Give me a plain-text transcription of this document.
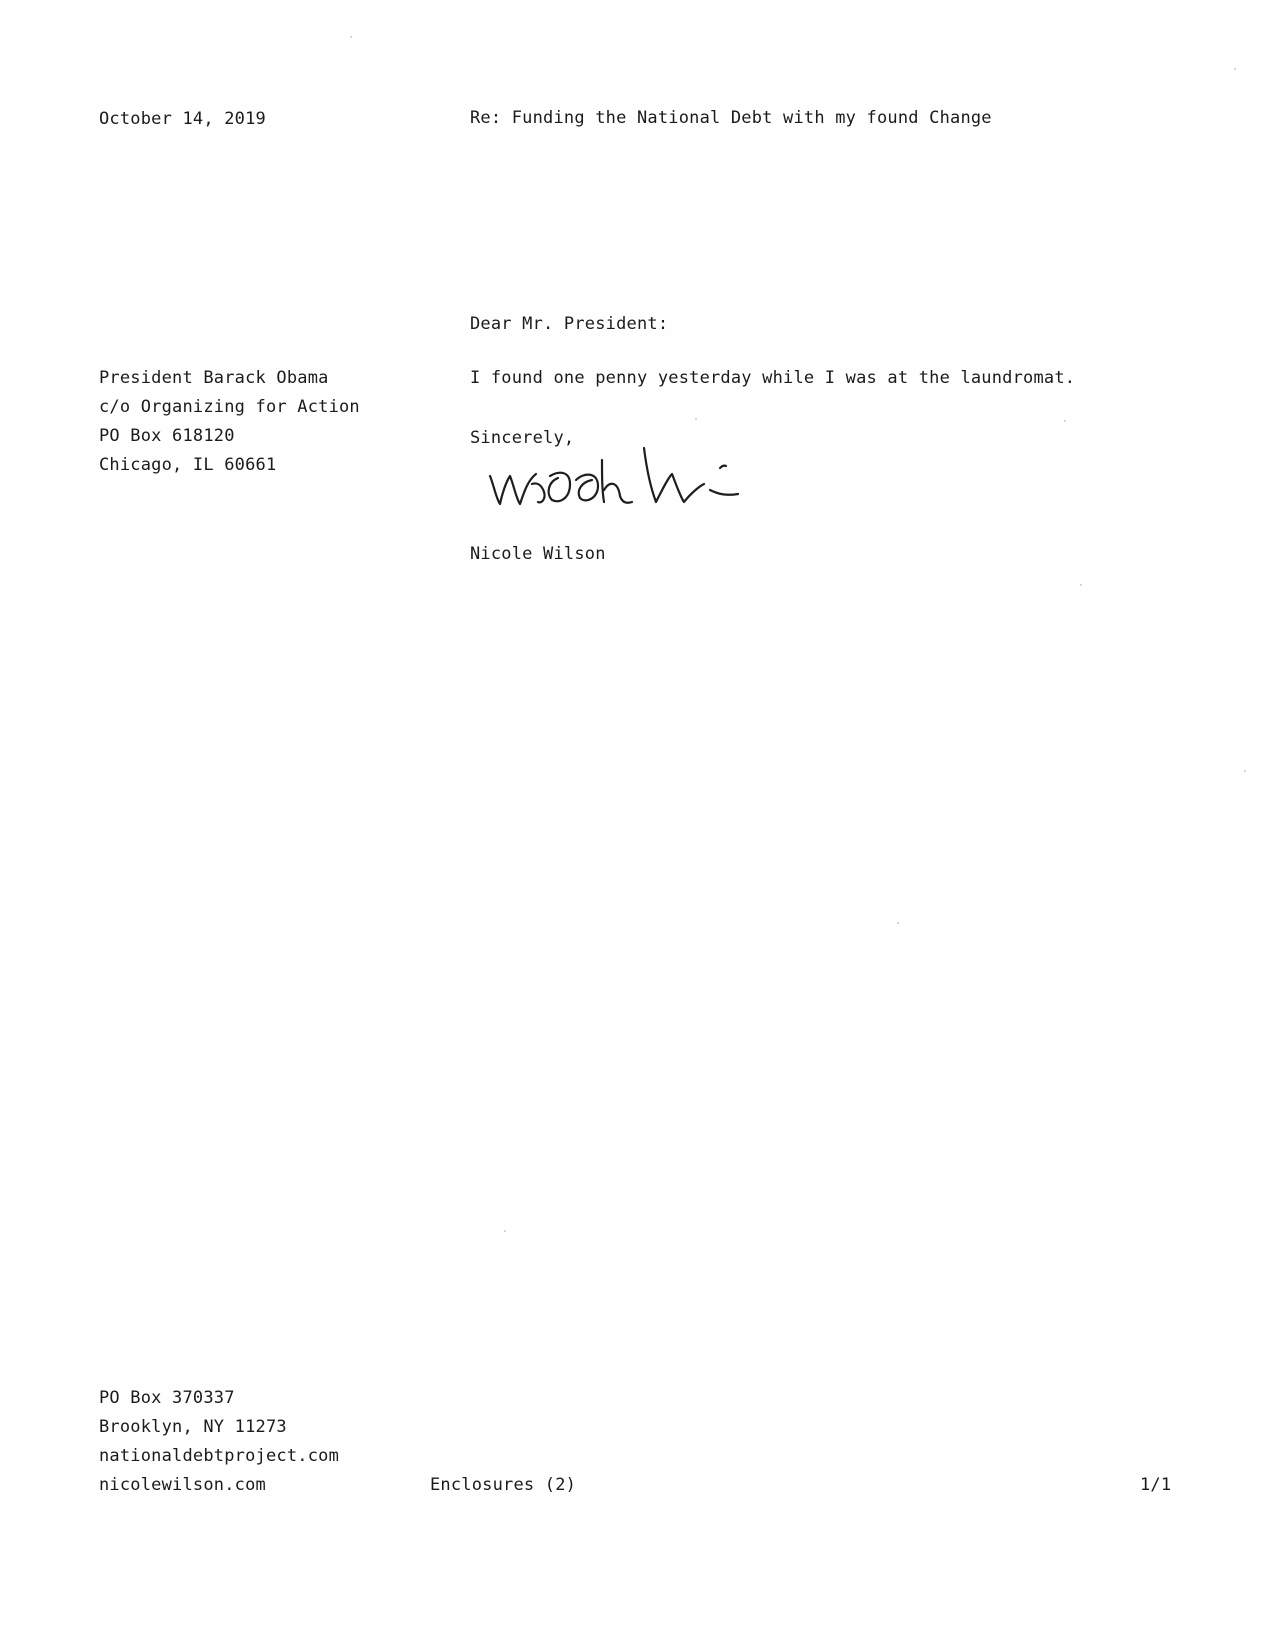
October 14, 2019	Re: Funding the National Debt with my found Change
Dear Mr. President:
President Barack Obama
c/o Organizing for Action
PO Box 618120
Chicago, IL 60661
I found one penny yesterday while I was at the laundromat.
Sincerely,
Nicole Wilson
PO Box 370337
Brooklyn, NY 11273
nationaldebtproject.com
nicolewilson.com	Enclosures (2)	1/1
